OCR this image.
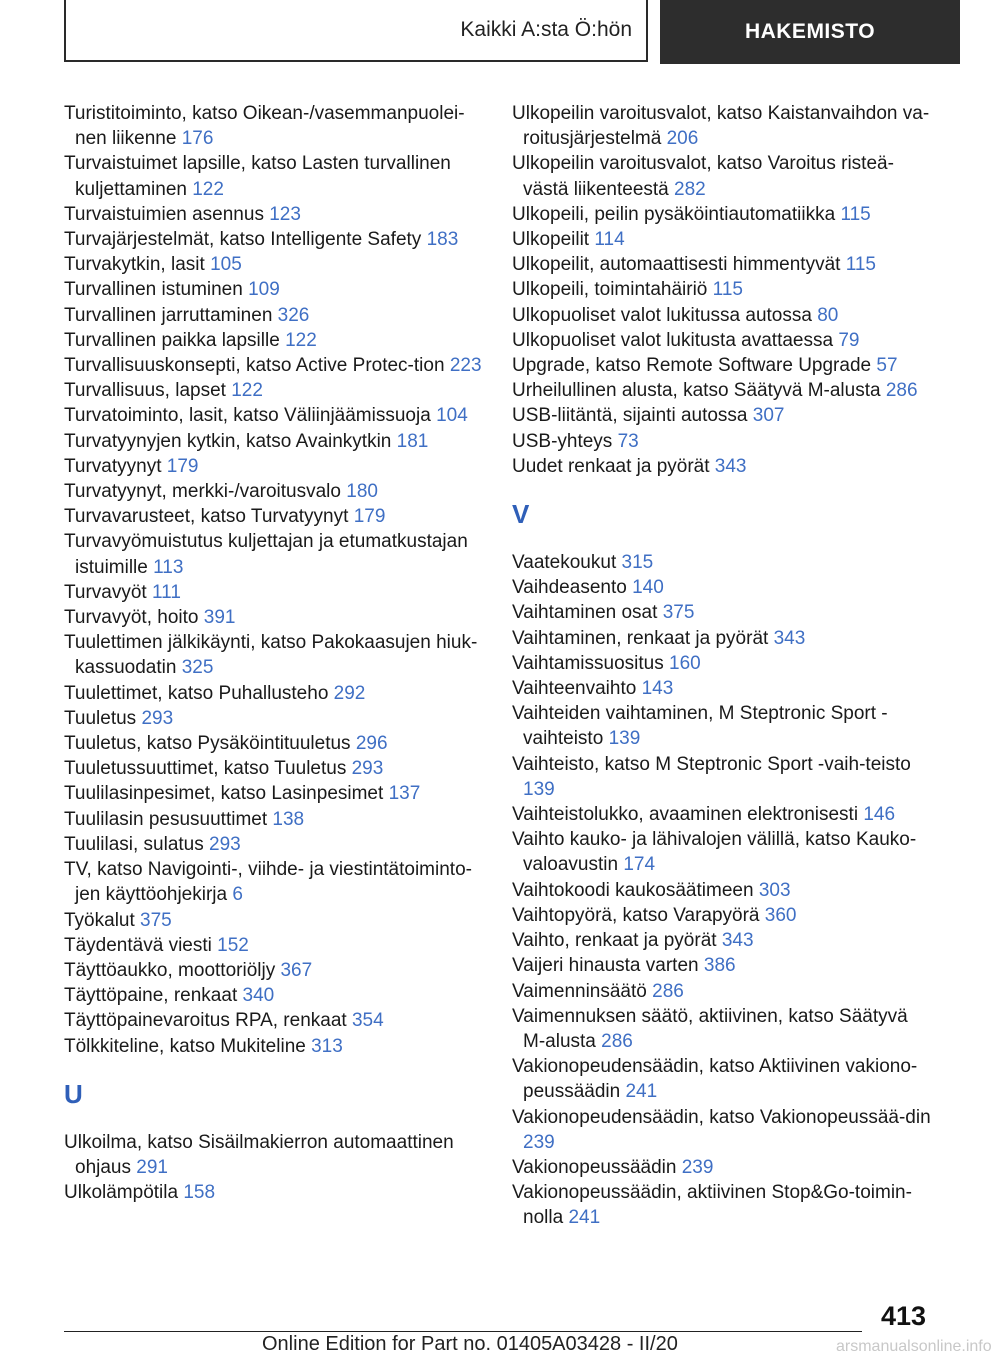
Kaikki A:sta Ö:hön	HAKEMISTO

Turistitoiminto, katso Oikean-/vasemmanpuolei‐nen liikenne 176

Turvaistuimet lapsille, katso Lasten turvallinen kuljettaminen 122

Turvaistuimien asennus 123

Turvajärjestelmät, katso Intelligente Safety 183

Turvakytkin, lasit 105

Turvallinen istuminen 109

Turvallinen jarruttaminen 326

Turvallinen paikka lapsille 122

Turvallisuuskonsepti, katso Active Protec‐tion 223

Turvallisuus, lapset 122

Turvatoiminto, lasit, katso Väliinjäämissuoja 104

Turvatyynyjen kytkin, katso Avainkytkin 181

Turvatyynyt 179

Turvatyynyt, merkki-/varoitusvalo 180

Turvavarusteet, katso Turvatyynyt 179

Turvavyömuistutus kuljettajan ja etumatkustajan istuimille 113

Turvavyöt 111

Turvavyöt, hoito 391

Tuulettimen jälkikäynti, katso Pakokaasujen hiuk‐kassuodatin 325

Tuulettimet, katso Puhallusteho 292

Tuuletus 293

Tuuletus, katso Pysäköintituuletus 296

Tuuletussuuttimet, katso Tuuletus 293

Tuulilasinpesimet, katso Lasinpesimet 137

Tuulilasin pesusuuttimet 138

Tuulilasi, sulatus 293

TV, katso Navigointi-, viihde- ja viestintätoiminto‐jen käyttöohjekirja 6

Työkalut 375

Täydentävä viesti 152

Täyttöaukko, moottoriöljy 367

Täyttöpaine, renkaat 340

Täyttöpainevaroitus RPA, renkaat 354

Tölkkiteline, katso Mukiteline 313

U

Ulkoilma, katso Sisäilmakierron automaattinen ohjaus 291

Ulkolämpötila 158

Ulkopeilin varoitusvalot, katso Kaistanvaihdon va‐roitusjärjestelmä 206

Ulkopeilin varoitusvalot, katso Varoitus risteä‐västä liikenteestä 282

Ulkopeili, peilin pysäköintiautomatiikka 115

Ulkopeilit 114

Ulkopeilit, automaattisesti himmentyvät 115

Ulkopeili, toimintahäiriö 115

Ulkopuoliset valot lukitussa autossa 80

Ulkopuoliset valot lukitusta avattaessa 79

Upgrade, katso Remote Software Upgrade 57

Urheilullinen alusta, katso Säätyvä M-alusta 286

USB-liitäntä, sijainti autossa 307

USB-yhteys 73

Uudet renkaat ja pyörät 343

V

Vaatekoukut 315

Vaihdeasento 140

Vaihtaminen osat 375

Vaihtaminen, renkaat ja pyörät 343

Vaihtamissuositus 160

Vaihteenvaihto 143

Vaihteiden vaihtaminen, M Steptronic Sport -vaihteisto 139

Vaihteisto, katso M Steptronic Sport -vaih‐teisto 139

Vaihteistolukko, avaaminen elektronisesti 146

Vaihto kauko- ja lähivalojen välillä, katso Kauko‐valoavustin 174

Vaihtokoodi kaukosäätimeen 303

Vaihtopyörä, katso Varapyörä 360

Vaihto, renkaat ja pyörät 343

Vaijeri hinausta varten 386

Vaimenninsäätö 286

Vaimennuksen säätö, aktiivinen, katso Säätyvä M-alusta 286

Vakionopeudensäädin, katso Aktiivinen vakiono‐peussäädin 241

Vakionopeudensäädin, katso Vakionopeussää‐din 239

Vakionopeussäädin 239

Vakionopeussäädin, aktiivinen Stop&Go-toimin‐nolla 241

413
Online Edition for Part no. 01405A03428 - II/20	arsmanualsonline.info
